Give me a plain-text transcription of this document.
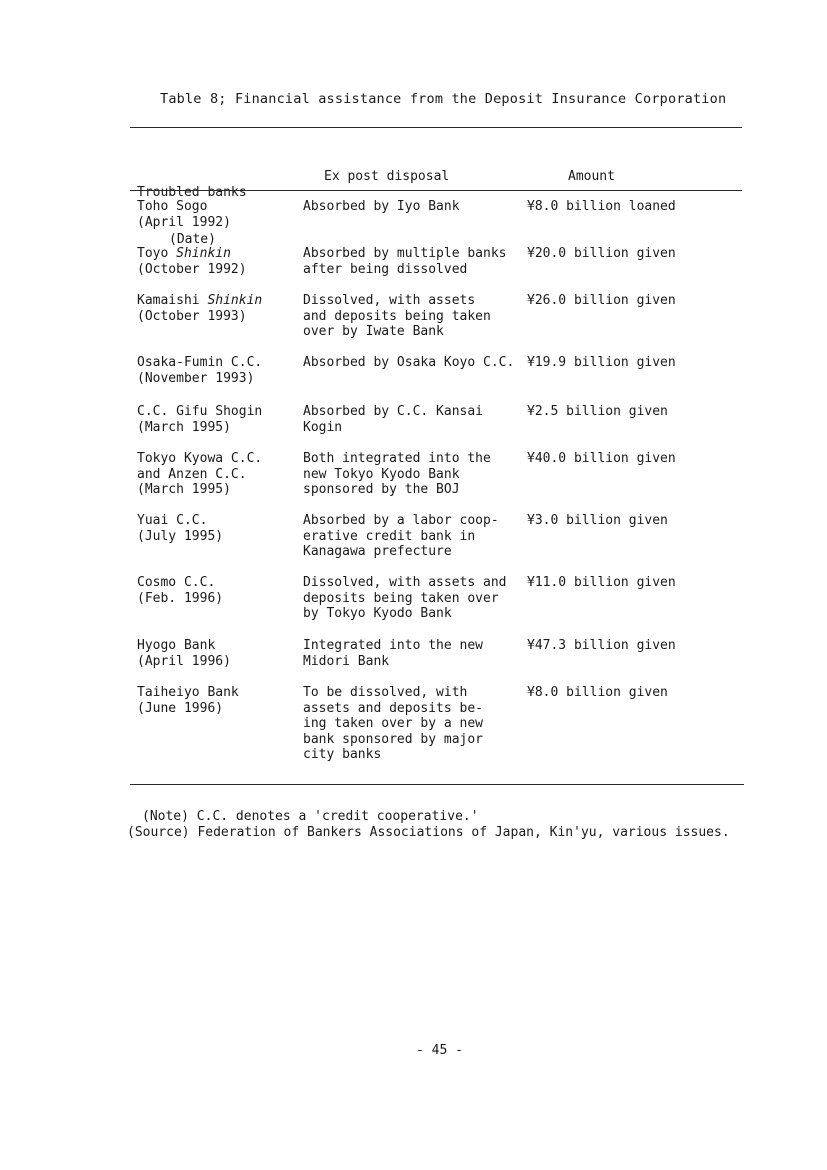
Table 8; Financial assistance from the Deposit Insurance Corporation

Troubled banks

(Date)

Ex post disposal	Amount
Toho Sogo
(April 1992)
Absorbed by Iyo Bank	¥8.0 billion loaned
Toyo Shinkin
(October 1992)
Absorbed by multiple banks
after being dissolved
¥20.0 billion given
Kamaishi Shinkin
(October 1993)
Dissolved, with assets
and deposits being taken
over by Iwate Bank
¥26.0 billion given
Osaka-Fumin C.C.
(November 1993)
Absorbed by Osaka Koyo C.C. ¥19.9 billion given
C.C. Gifu Shogin
(March 1995)
Absorbed by C.C. Kansai
Kogin
¥2.5 billion given
Tokyo Kyowa C.C.
and Anzen C.C.
(March 1995)
Both integrated into the
new Tokyo Kyodo Bank
sponsored by the BOJ
¥40.0 billion given
Yuai C.C.
(July 1995)
Absorbed by a labor coop-
erative credit bank in
Kanagawa prefecture
¥3.0 billion given
Cosmo C.C.
(Feb. 1996)
Dissolved, with assets and
deposits being taken over
by Tokyo Kyodo Bank
¥11.0 billion given
Hyogo Bank
(April 1996)
Integrated into the new
Midori Bank
¥47.3 billion given
Taiheiyo Bank
(June 1996)
To be dissolved, with
assets and deposits be-
ing taken over by a new
bank sponsored by major
city banks
¥8.0 billion given
(Note) C.C. denotes a 'credit cooperative.'
(Source) Federation of Bankers Associations of Japan, Kin'yu, various issues.
- 45 -
